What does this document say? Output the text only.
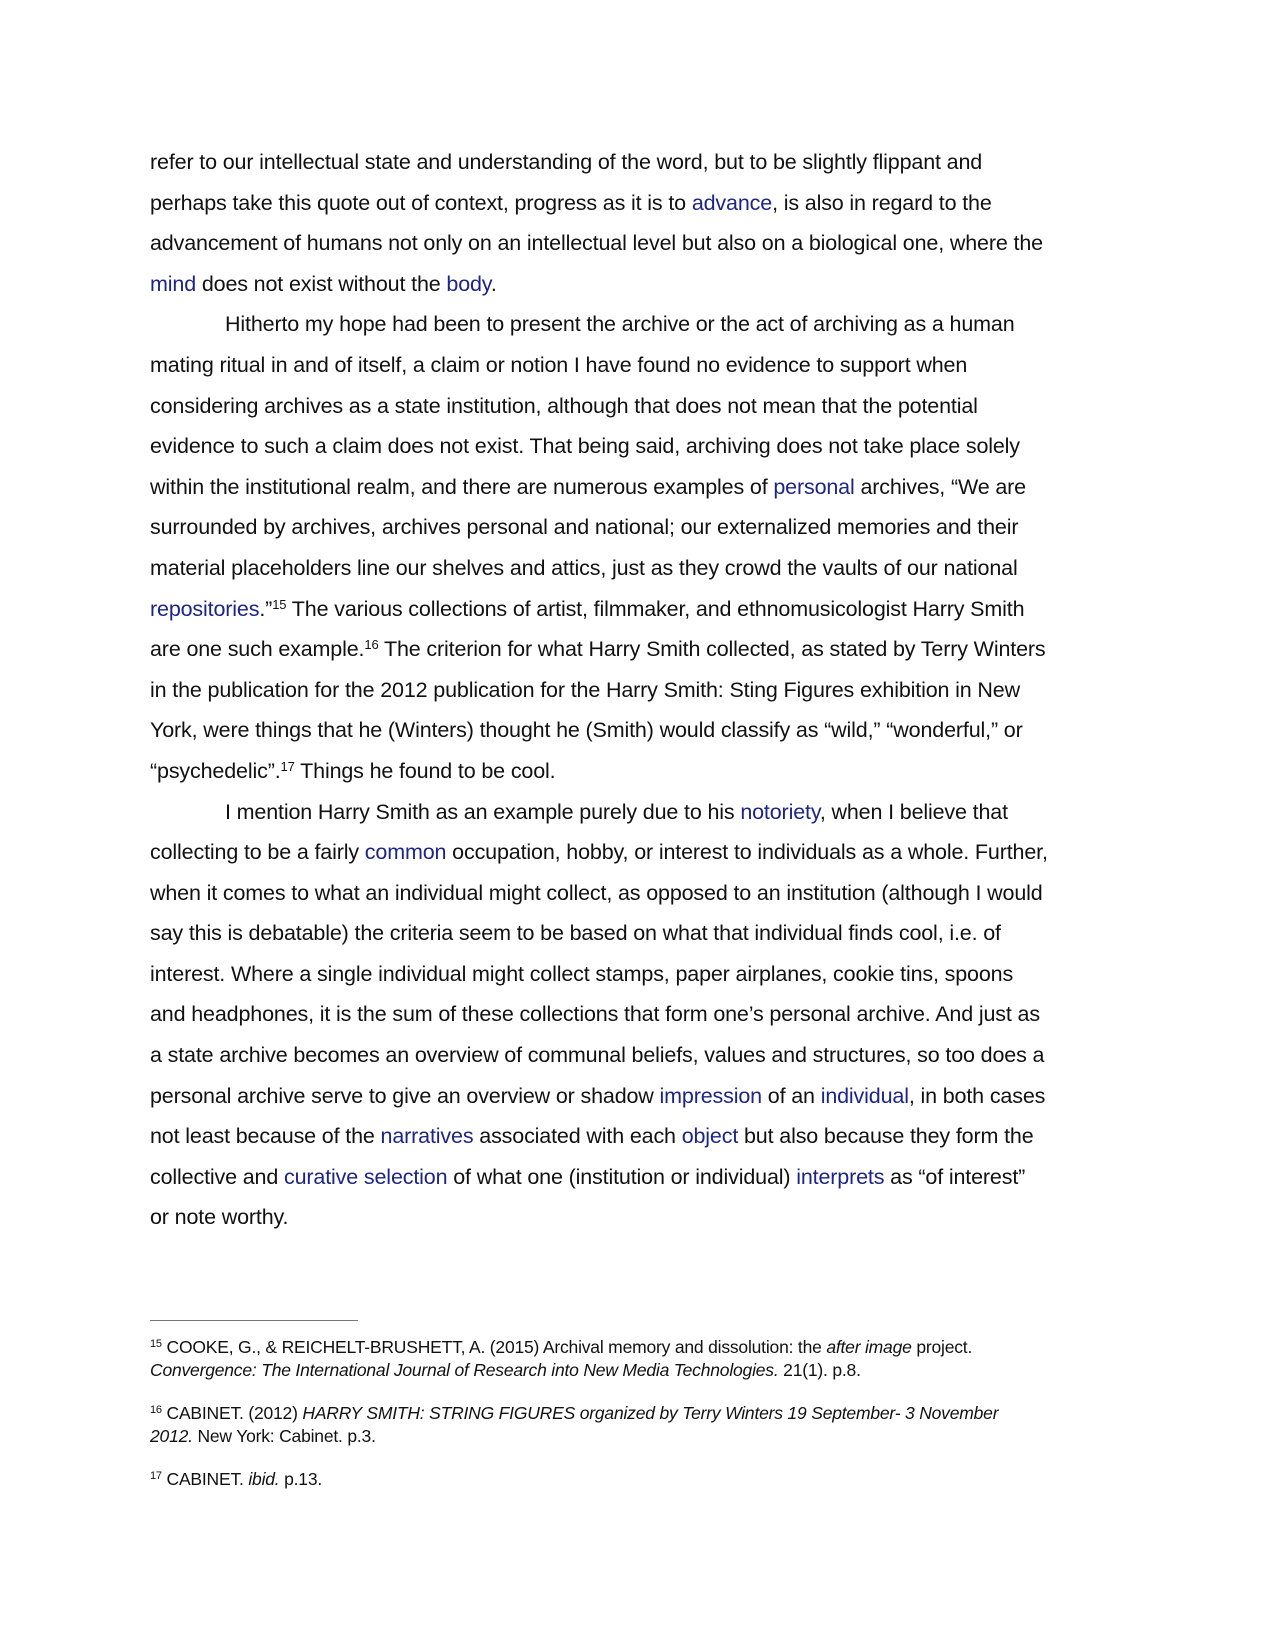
refer to our intellectual state and understanding of the word, but to be slightly flippant and
perhaps take this quote out of context, progress as it is to advance, is also in regard to the
advancement of humans not only on an intellectual level but also on a biological one, where the
mind does not exist without the body.
Hitherto my hope had been to present the archive or the act of archiving as a human
mating ritual in and of itself, a claim or notion I have found no evidence to support when
considering archives as a state institution, although that does not mean that the potential
evidence to such a claim does not exist. That being said, archiving does not take place solely
within the institutional realm, and there are numerous examples of personal archives, “We are
surrounded by archives, archives personal and national; our externalized memories and their
material placeholders line our shelves and attics, just as they crowd the vaults of our national
repositories.”$^{15}$ The various collections of artist, filmmaker, and ethnomusicologist Harry Smith
are one such example.$^{16}$ The criterion for what Harry Smith collected, as stated by Terry Winters
in the publication for the 2012 publication for the Harry Smith: Sting Figures exhibition in New
York, were things that he (Winters) thought he (Smith) would classify as “wild,” “wonderful,” or
“psychedelic”.$^{17}$ Things he found to be cool.
I mention Harry Smith as an example purely due to his notoriety, when I believe that
collecting to be a fairly common occupation, hobby, or interest to individuals as a whole. Further,
when it comes to what an individual might collect, as opposed to an institution (although I would
say this is debatable) the criteria seem to be based on what that individual finds cool, i.e. of
interest. Where a single individual might collect stamps, paper airplanes, cookie tins, spoons
and headphones, it is the sum of these collections that form one’s personal archive. And just as
a state archive becomes an overview of communal beliefs, values and structures, so too does a
personal archive serve to give an overview or shadow impression of an individual, in both cases
not least because of the narratives associated with each object but also because they form the
collective and curative selection of what one (institution or individual) interprets as “of interest”
or note worthy.
$^{15}$ COOKE, G., & REICHELT-BRUSHETT, A. (2015) Archival memory and dissolution: the after image project.
Convergence: The International Journal of Research into New Media Technologies. 21(1). p.8.
$^{16}$ CABINET. (2012) HARRY SMITH: STRING FIGURES organized by Terry Winters 19 September- 3 November
2012. New York: Cabinet. p.3.
$^{17}$ CABINET. ibid. p.13.
